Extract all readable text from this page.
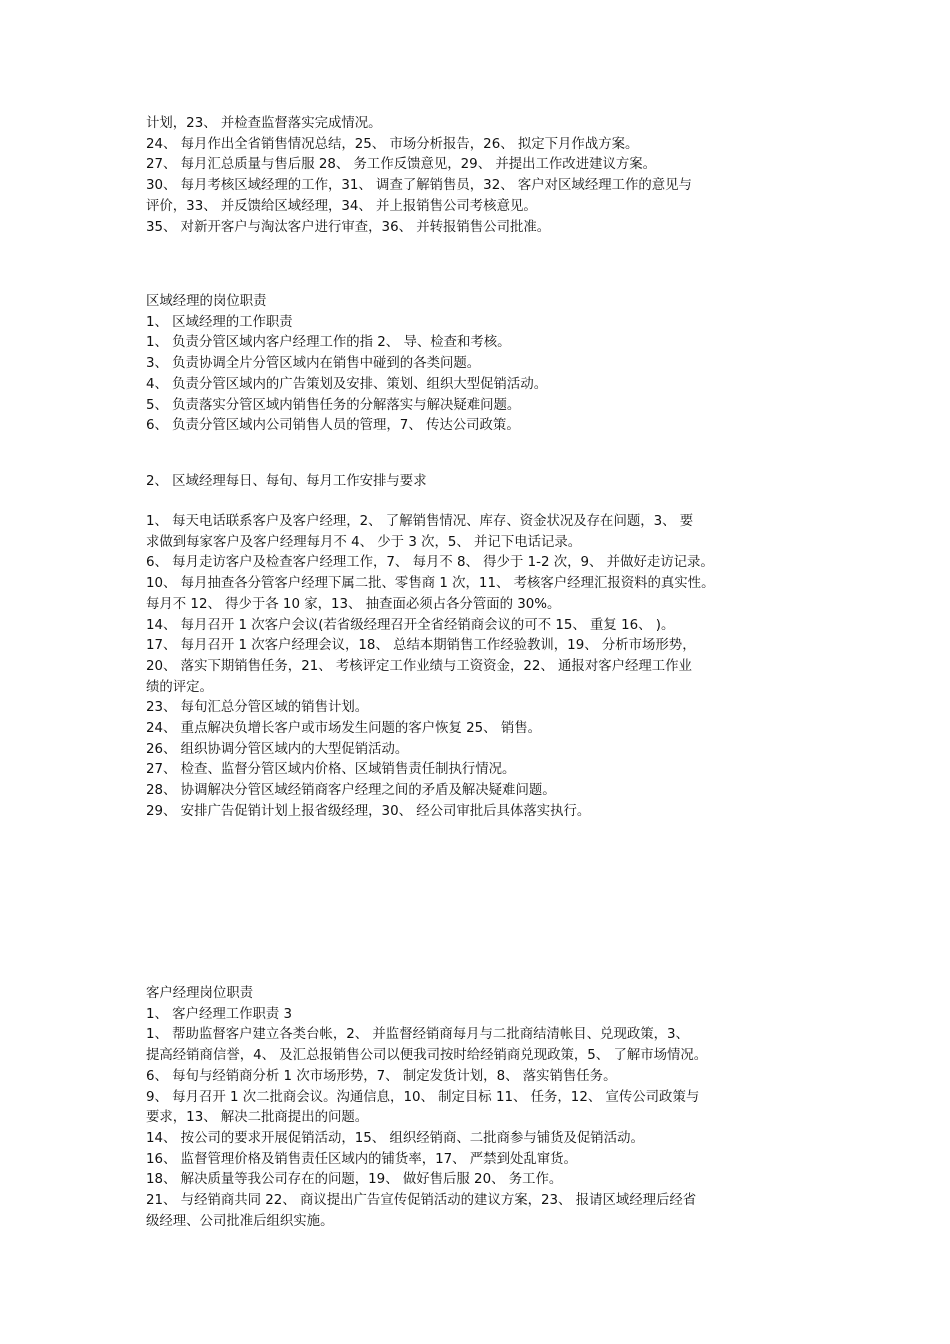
计划，23、 并检查监督落实完成情况。
24、 每月作出全省销售情况总结，25、 市场分析报告，26、 拟定下月作战方案。
27、 每月汇总质量与售后服 28、 务工作反馈意见，29、 并提出工作改进建议方案。
30、 每月考核区域经理的工作，31、 调查了解销售员，32、 客户对区域经理工作的意见与
评价，33、 并反馈给区域经理，34、 并上报销售公司考核意见。
35、 对新开客户与淘汰客户进行审查，36、 并转报销售公司批准。
区域经理的岗位职责
1、 区域经理的工作职责
1、 负责分管区域内客户经理工作的指 2、 导、检查和考核。
3、 负责协调全片分管区域内在销售中碰到的各类问题。
4、 负责分管区域内的广告策划及安排、策划、组织大型促销活动。
5、 负责落实分管区域内销售任务的分解落实与解决疑难问题。
6、 负责分管区域内公司销售人员的管理，7、 传达公司政策。
2、 区域经理每日、每旬、每月工作安排与要求
1、 每天电话联系客户及客户经理，2、 了解销售情况、库存、资金状况及存在问题，3、 要
求做到每家客户及客户经理每月不 4、 少于 3 次，5、 并记下电话记录。
6、 每月走访客户及检查客户经理工作，7、 每月不 8、 得少于 1-2 次，9、 并做好走访记录。
10、 每月抽查各分管客户经理下属二批、零售商 1 次，11、 考核客户经理汇报资料的真实性。
每月不 12、 得少于各 10 家，13、 抽查面必须占各分管面的 30%。
14、 每月召开 1 次客户会议(若省级经理召开全省经销商会议的可不 15、 重复 16、 )。
17、 每月召开 1 次客户经理会议，18、 总结本期销售工作经验教训，19、 分析市场形势，
20、 落实下期销售任务，21、 考核评定工作业绩与工资资金，22、 通报对客户经理工作业
绩的评定。
23、 每旬汇总分管区域的销售计划。
24、 重点解决负增长客户或市场发生问题的客户恢复 25、 销售。
26、 组织协调分管区域内的大型促销活动。
27、 检查、监督分管区域内价格、区域销售责任制执行情况。
28、 协调解决分管区域经销商客户经理之间的矛盾及解决疑难问题。
29、 安排广告促销计划上报省级经理，30、 经公司审批后具体落实执行。
客户经理岗位职责
1、 客户经理工作职责 3
1、 帮助监督客户建立各类台帐，2、 并监督经销商每月与二批商结清帐目、兑现政策，3、
提高经销商信誉，4、 及汇总报销售公司以便我司按时给经销商兑现政策，5、 了解市场情况。
6、 每旬与经销商分析 1 次市场形势，7、 制定发货计划，8、 落实销售任务。
9、 每月召开 1 次二批商会议。沟通信息，10、 制定目标 11、 任务，12、 宣传公司政策与
要求，13、 解决二批商提出的问题。
14、 按公司的要求开展促销活动，15、 组织经销商、二批商参与铺货及促销活动。
16、 监督管理价格及销售责任区域内的铺货率，17、 严禁到处乱窜货。
18、 解决质量等我公司存在的问题，19、 做好售后服 20、 务工作。
21、 与经销商共同 22、 商议提出广告宣传促销活动的建议方案，23、 报请区域经理后经省
级经理、公司批准后组织实施。
